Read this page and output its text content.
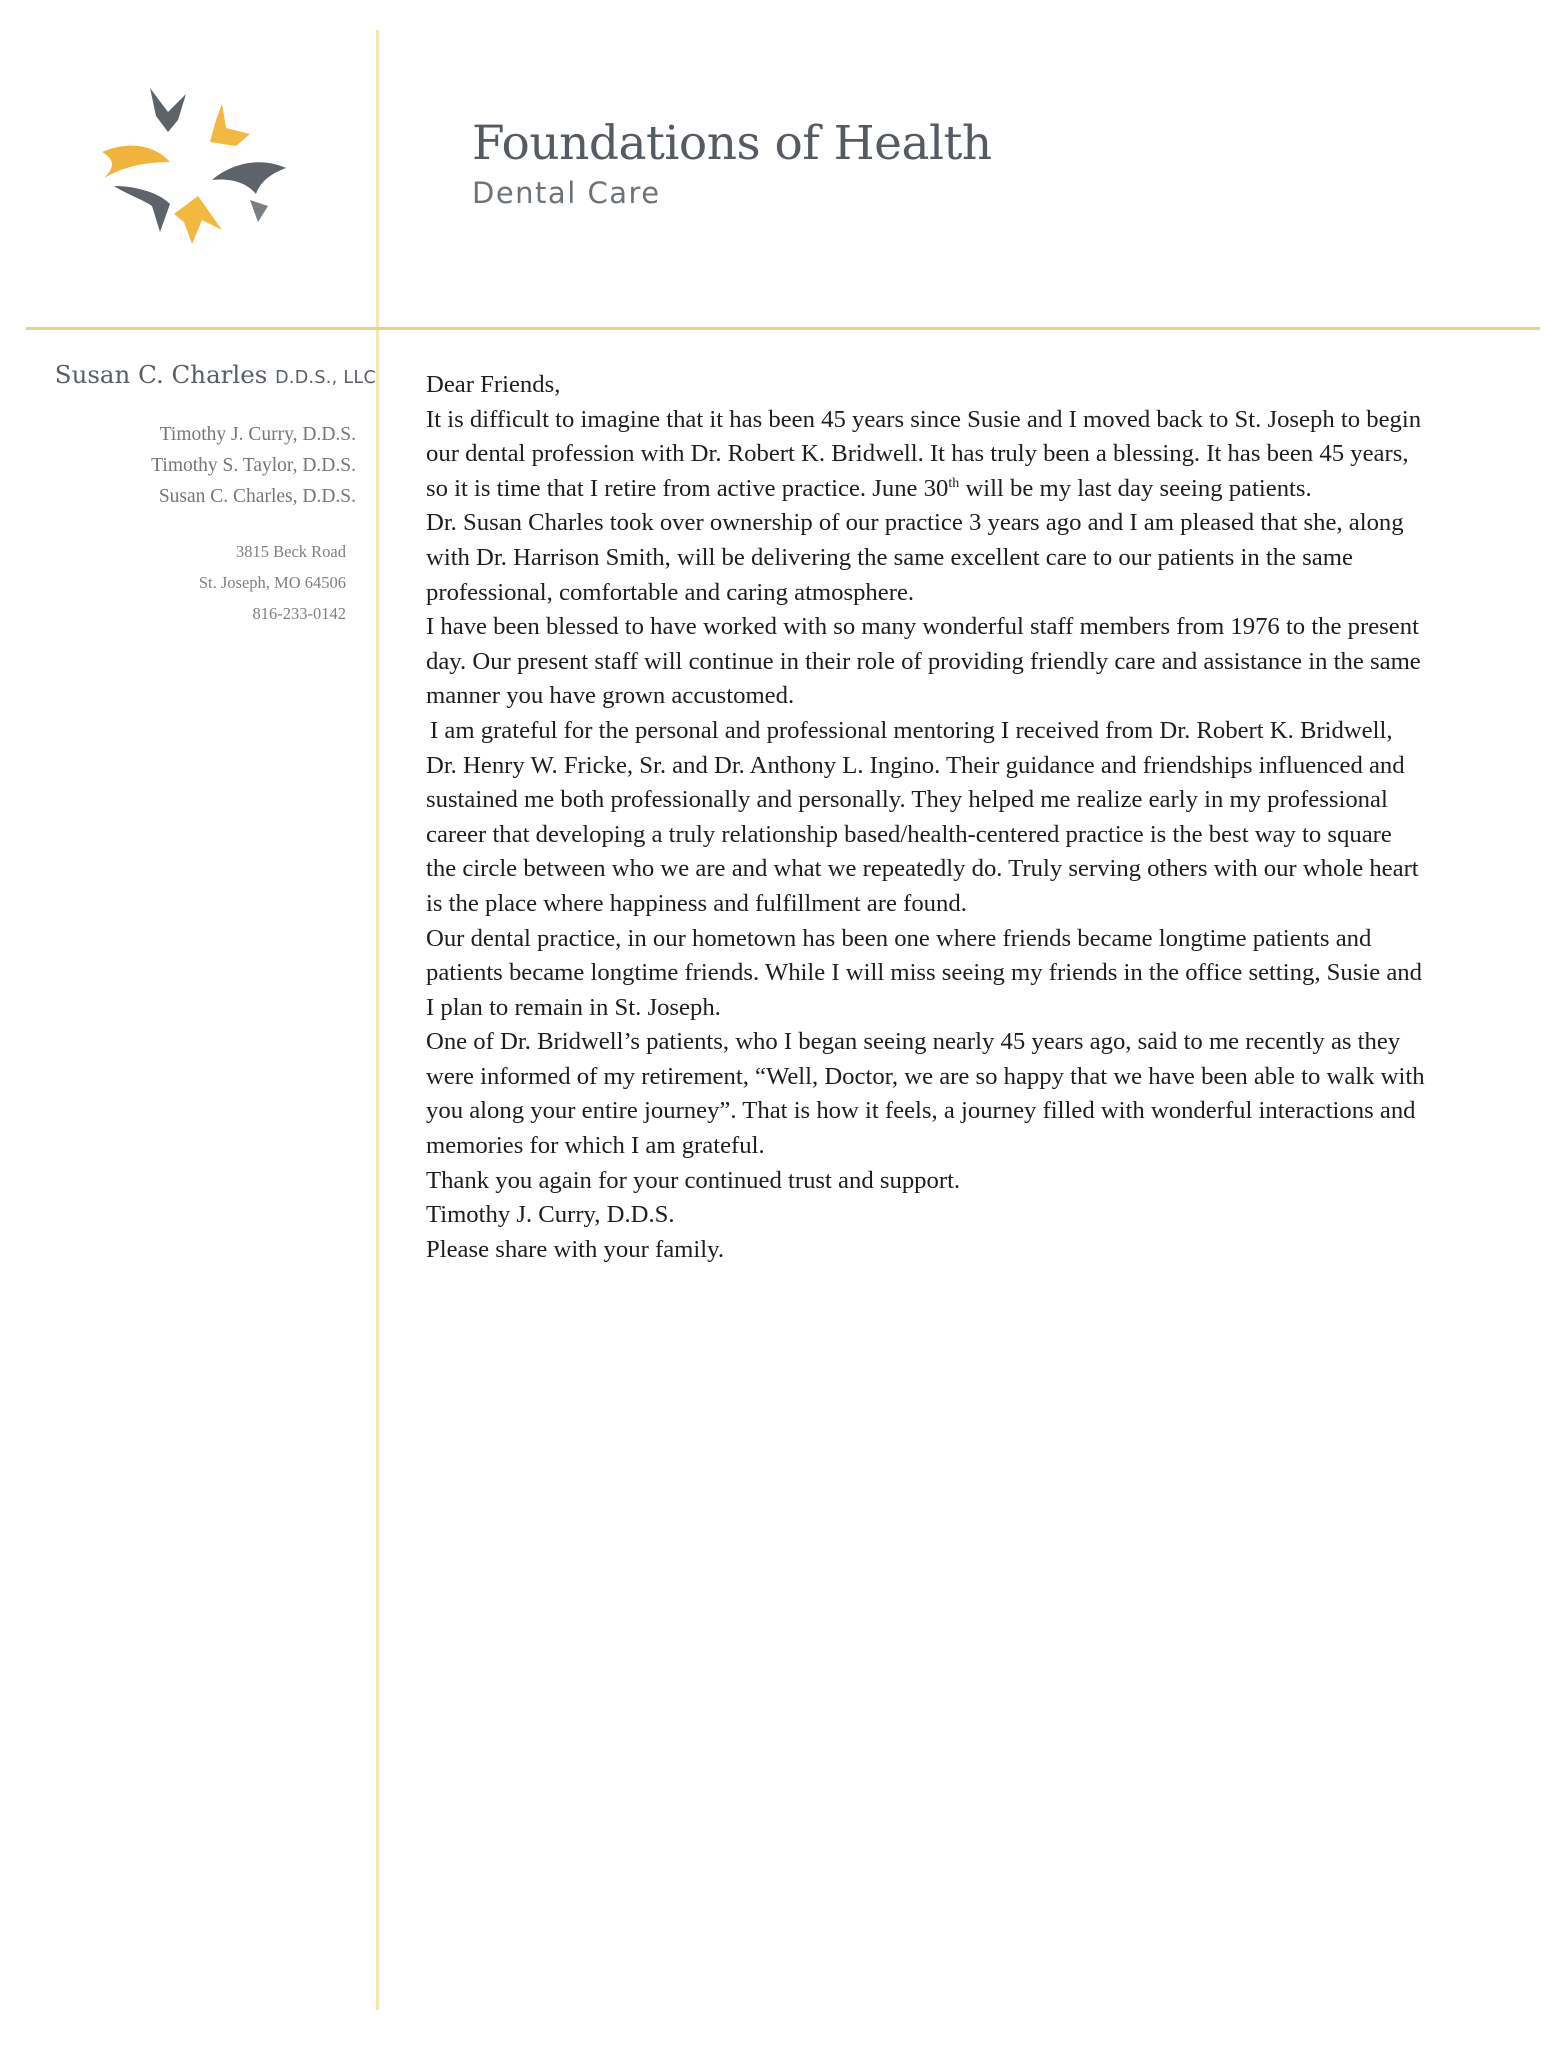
Foundations of Health
Dental Care
Susan C. Charles D.D.S., LLC
Timothy J. Curry, D.D.S.
Timothy S. Taylor, D.D.S.
Susan C. Charles, D.D.S.
3815 Beck Road
St. Joseph, MO 64506
816-233-0142

Dear Friends,

It is difficult to imagine that it has been 45 years since Susie and I moved back to St. Joseph to begin our dental profession with Dr. Robert K. Bridwell. It has truly been a blessing. It has been 45 years, so it is time that I retire from active practice. June 30th will be my last day seeing patients.

Dr. Susan Charles took over ownership of our practice 3 years ago and I am pleased that she, along with Dr. Harrison Smith, will be delivering the same excellent care to our patients in the same professional, comfortable and caring atmosphere.

I have been blessed to have worked with so many wonderful staff members from 1976 to the present day. Our present staff will continue in their role of providing friendly care and assistance in the same manner you have grown accustomed.

I am grateful for the personal and professional mentoring I received from Dr. Robert K. Bridwell, Dr. Henry W. Fricke, Sr. and Dr. Anthony L. Ingino. Their guidance and friendships influenced and sustained me both professionally and personally. They helped me realize early in my professional career that developing a truly relationship based/health-centered practice is the best way to square the circle between who we are and what we repeatedly do. Truly serving others with our whole heart is the place where happiness and fulfillment are found.

Our dental practice, in our hometown has been one where friends became longtime patients and patients became longtime friends. While I will miss seeing my friends in the office setting, Susie and I plan to remain in St. Joseph.

One of Dr. Bridwell’s patients, who I began seeing nearly 45 years ago, said to me recently as they were informed of my retirement, “Well, Doctor, we are so happy that we have been able to walk with you along your entire journey”. That is how it feels, a journey filled with wonderful interactions and memories for which I am grateful.

Thank you again for your continued trust and support.

Timothy J. Curry, D.D.S.

Please share with your family.
